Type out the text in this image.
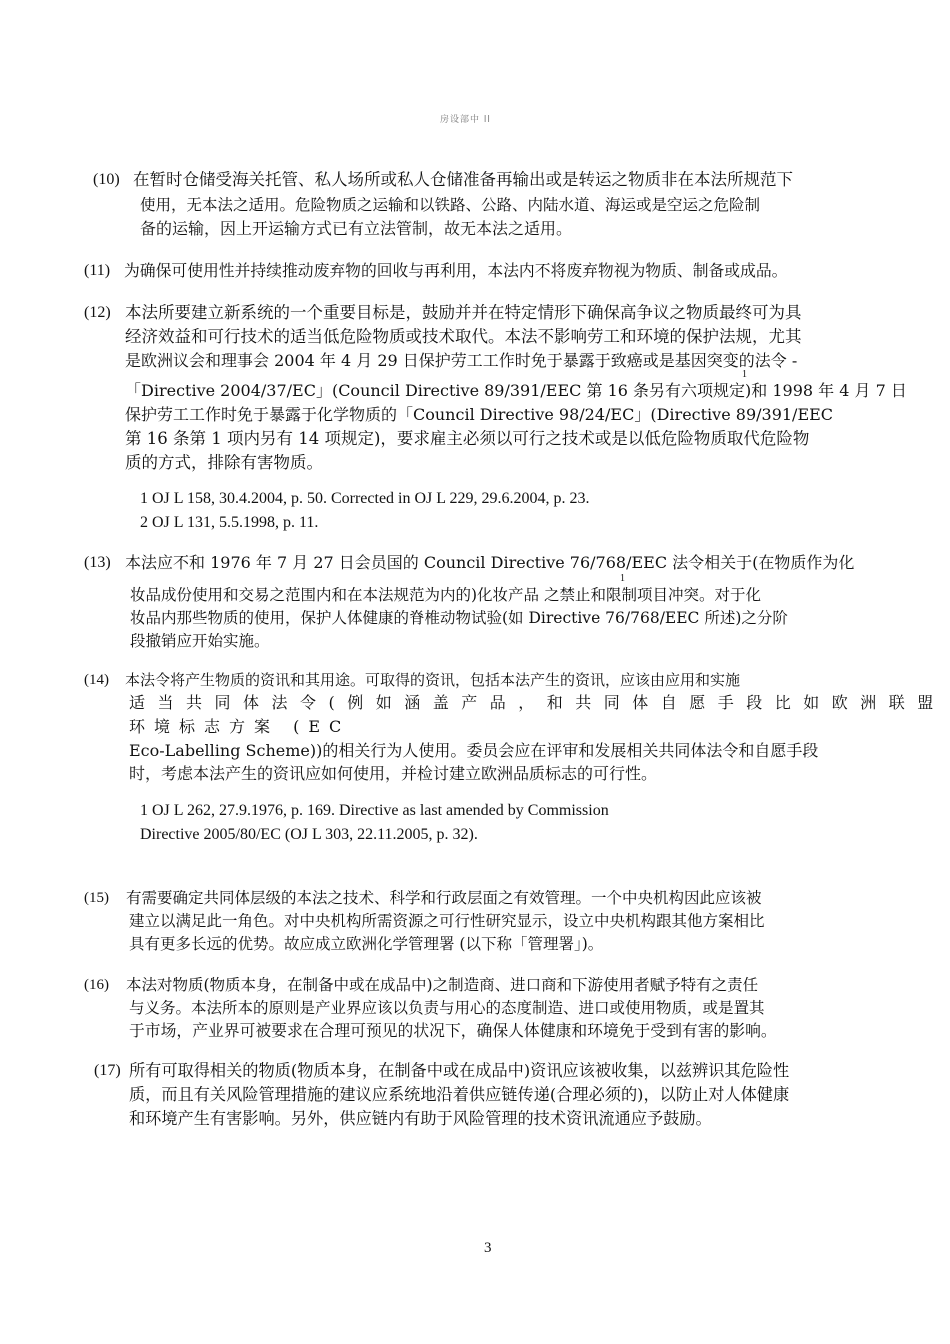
房设部中 ll
(10) 在暂时仓储受海关托管、私人场所或私人仓储准备再输出或是转运之物质非在本法所规范下
使用，无本法之适用。危险物质之运输和以铁路、公路、内陆水道、海运或是空运之危险制
备的运输，因上开运输方式已有立法管制，故无本法之适用。
(11) 为确保可使用性并持续推动废弃物的回收与再利用，本法内不将废弃物视为物质、制备或成品。
(12) 本法所要建立新系统的一个重要目标是，鼓励并并在特定情形下确保高争议之物质最终可为具
经济效益和可行技术的适当低危险物质或技术取代。本法不影响劳工和环境的保护法规，尤其
是欧洲议会和理事会 2004 年 4 月 29 日保护劳工工作时免于暴露于致癌或是基因突变的法令 -
1
「Directive 2004/37/EC」(Council Directive 89/391/EEC 第 16 条另有六项规定)和 1998 年 4 月 7 日
保护劳工工作时免于暴露于化学物质的「Council Directive 98/24/EC」(Directive 89/391/EEC
第 16 条第 1 项内另有 14 项规定)，要求雇主必须以可行之技术或是以低危险物质取代危险物
质的方式，排除有害物质。
1 OJ L 158, 30.4.2004, p. 50. Corrected in OJ L 229, 29.6.2004, p. 23.
2 OJ L 131, 5.5.1998, p. 11.
(13) 本法应不和 1976 年 7 月 27 日会员国的 Council Directive 76/768/EEC 法令相关于(在物质作为化
1
妆品成份使用和交易之范围内和在本法规范为内的)化妆产品 之禁止和限制项目冲突。对于化
妆品内那些物质的使用，保护人体健康的脊椎动物试验(如 Directive 76/768/EEC 所述)之分阶
段撤销应开始实施。
(14) 本法令将产生物质的资讯和其用途。可取得的资讯，包括本法产生的资讯，应该由应用和实施
适当共同体法令(例如涵盖产品，和共同体自愿手段比如欧洲联盟
环境标志方案 (EC
Eco-Labelling Scheme))的相关行为人使用。委员会应在评审和发展相关共同体法令和自愿手段
时，考虑本法产生的资讯应如何使用，并检讨建立欧洲品质标志的可行性。
1 OJ L 262, 27.9.1976, p. 169. Directive as last amended by Commission
Directive 2005/80/EC (OJ L 303, 22.11.2005, p. 32).
(15) 有需要确定共同体层级的本法之技术、科学和行政层面之有效管理。一个中央机构因此应该被
建立以满足此一角色。对中央机构所需资源之可行性研究显示，设立中央机构跟其他方案相比
具有更多长远的优势。故应成立欧洲化学管理署 (以下称「管理署」)。
(16) 本法对物质(物质本身，在制备中或在成品中)之制造商、进口商和下游使用者赋予特有之责任
与义务。本法所本的原则是产业界应该以负责与用心的态度制造、进口或使用物质，或是置其
于市场，产业界可被要求在合理可预见的状况下，确保人体健康和环境免于受到有害的影响。
(17) 所有可取得相关的物质(物质本身，在制备中或在成品中)资讯应该被收集，以兹辨识其危险性
质，而且有关风险管理措施的建议应系统地沿着供应链传递(合理必须的)，以防止对人体健康
和环境产生有害影响。另外，供应链内有助于风险管理的技术资讯流通应予鼓励。
3
